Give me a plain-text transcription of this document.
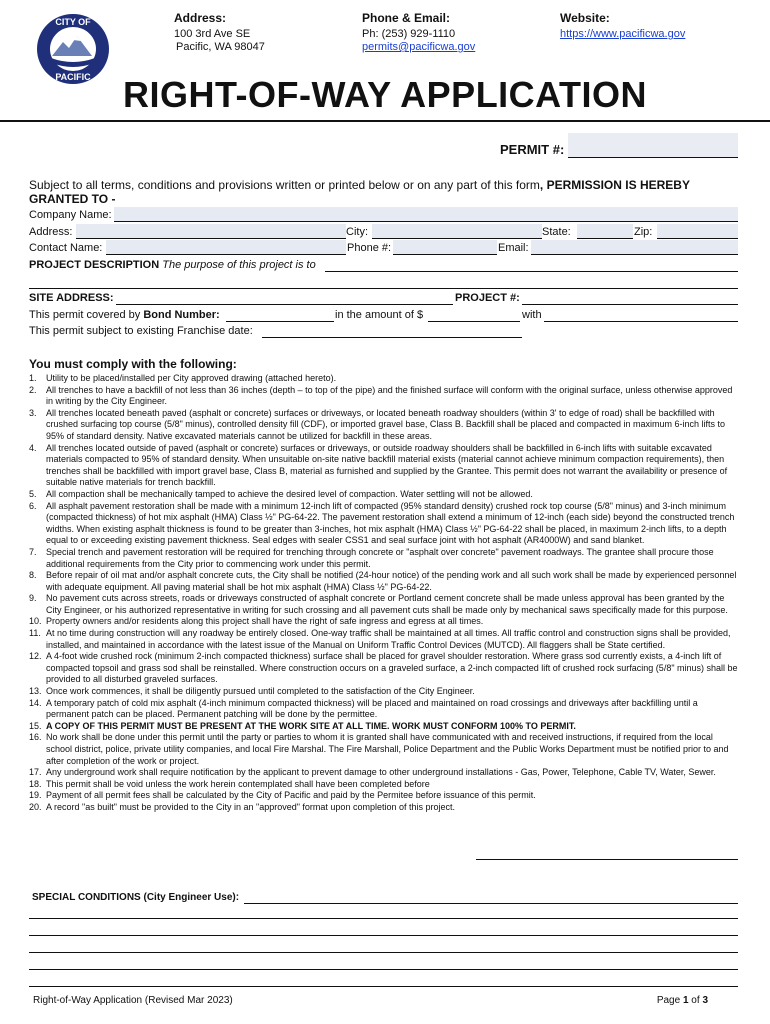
CITY OF
PACIFIC
Address:
100 3rd Ave SE
Pacific, WA 98047
Phone & Email:
Ph: (253) 929-1110
permits@pacificwa.gov
Website:
https://www.pacificwa.gov
RIGHT-OF-WAY APPLICATION
PERMIT #:
Subject to all terms, conditions and provisions written or printed below or on any part of this form, PERMISSION IS HEREBY GRANTED TO -
Company Name:
Address:	City:	State:	Zip:
Contact Name:	Phone #:	Email:
PROJECT DESCRIPTION The purpose of this project is to
SITE ADDRESS:	PROJECT #:
This permit covered by Bond Number:	in the amount of $	with
This permit subject to existing Franchise date:
You must comply with the following:
1. Utility to be placed/installed per City approved drawing (attached hereto).
2. All trenches to have a backfill of not less than 36 inches (depth – to top of the pipe) and the finished surface will conform with the original surface, unless otherwise approved in writing by the City Engineer.
3. All trenches located beneath paved (asphalt or concrete) surfaces or driveways, or located beneath roadway shoulders (within 3' to edge of road) shall be backfilled with crushed surfacing top course (5/8" minus), controlled density fill (CDF), or imported gravel base, Class B. Backfill shall be placed and compacted in maximum 6-inch lifts to 95% of standard density. Native excavated materials cannot be utilized for backfill in these areas.
4. All trenches located outside of paved (asphalt or concrete) surfaces or driveways, or outside roadway shoulders shall be backfilled in 6-inch lifts with suitable excavated materials compacted to 95% of standard density. When unsuitable on-site native backfill material exists (material cannot achieve minimum compaction requirements), then trenches shall be backfilled with import gravel base, Class B, material as furnished and supplied by the Grantee. This permit does not warrant the availability or presence of suitable native materials for trench backfill.
5. All compaction shall be mechanically tamped to achieve the desired level of compaction. Water settling will not be allowed.
6. All asphalt pavement restoration shall be made with a minimum 12-inch lift of compacted (95% standard density) crushed rock top course (5/8" minus) and 3-inch minimum (compacted thickness) of hot mix asphalt (HMA) Class ½" PG-64-22. The pavement restoration shall extend a minimum of 12-inch (each side) beyond the constructed trench widths. When existing asphalt thickness is found to be greater than 3-inches, hot mix asphalt (HMA) Class ½" PG-64-22 shall be placed, in maximum 2-inch lifts, to a depth equal to or exceeding existing pavement thickness. Seal edges with sealer CSS1 and seal surface joint with hot asphalt (AR4000W) and sand blanket.
7. Special trench and pavement restoration will be required for trenching through concrete or "asphalt over concrete" pavement roadways. The grantee shall procure those additional requirements from the City prior to commencing work under this permit.
8. Before repair of oil mat and/or asphalt concrete cuts, the City shall be notified (24-hour notice) of the pending work and all such work shall be made by experienced personnel with adequate equipment. All paving material shall be hot mix asphalt (HMA) Class ½" PG-64-22.
9. No pavement cuts across streets, roads or driveways constructed of asphalt concrete or Portland cement concrete shall be made unless approval has been granted by the City Engineer, or his authorized representative in writing for such crossing and all pavement cuts shall be made only by mechanical saws specifically made for this purpose.
10. Property owners and/or residents along this project shall have the right of safe ingress and egress at all times.
11. At no time during construction will any roadway be entirely closed. One-way traffic shall be maintained at all times. All traffic control and construction signs shall be provided, installed, and maintained in accordance with the latest issue of the Manual on Uniform Traffic Control Devices (MUTCD). All flaggers shall be State certified.
12. A 4-foot wide crushed rock (minimum 2-inch compacted thickness) surface shall be placed for gravel shoulder restoration. Where grass sod currently exists, a 4-inch lift of compacted topsoil and grass sod shall be reinstalled. Where construction occurs on a graveled surface, a 2-inch compacted lift of crushed rock surfacing (5/8" minus) shall be provided to all disturbed graveled surfaces.
13. Once work commences, it shall be diligently pursued until completed to the satisfaction of the City Engineer.
14. A temporary patch of cold mix asphalt (4-inch minimum compacted thickness) will be placed and maintained on road crossings and driveways after backfilling until a permanent patch can be placed. Permanent patching will be done by the permittee.
15. A COPY OF THIS PERMIT MUST BE PRESENT AT THE WORK SITE AT ALL TIME. WORK MUST CONFORM 100% TO PERMIT.
16. No work shall be done under this permit until the party or parties to whom it is granted shall have communicated with and received instructions, if required from the local school district, police, private utility companies, and local Fire Marshal. The Fire Marshall, Police Department and the Public Works Department must be notified prior to and after completion of the work or project.
17. Any underground work shall require notification by the applicant to prevent damage to other underground installations - Gas, Power, Telephone, Cable TV, Water, Sewer.
18. This permit shall be void unless the work herein contemplated shall have been completed before
19. Payment of all permit fees shall be calculated by the City of Pacific and paid by the Permitee before issuance of this permit.
20. A record "as built" must be provided to the City in an "approved" format upon completion of this project.
SPECIAL CONDITIONS (City Engineer Use):
Right-of-Way Application (Revised Mar 2023)	Page 1 of 3
